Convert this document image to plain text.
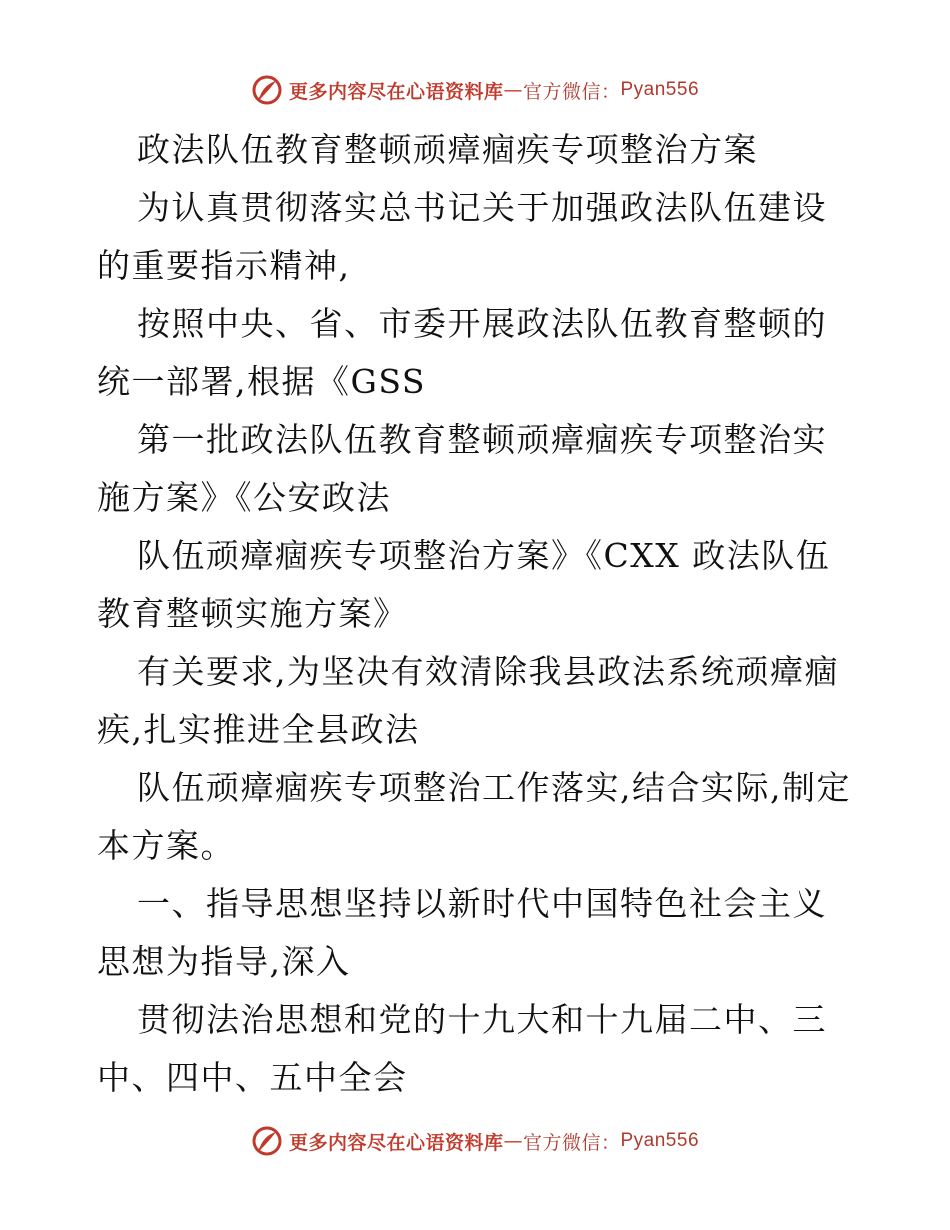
更多内容尽在心语资料库 — 官方微信： Pyan556

政法队伍教育整顿顽瘴痼疾专项整治方案

为认真贯彻落实总书记关于加强政法队伍建设的重要指示精神,

按照中央、省、市委开展政法队伍教育整顿的统一部署,根据《GSS

第一批政法队伍教育整顿顽瘴痼疾专项整治实施方案》《公安政法

队伍顽瘴痼疾专项整治方案》《CXX 政法队伍教育整顿实施方案》

有关要求,为坚决有效清除我县政法系统顽瘴痼疾,扎实推进全县政法

队伍顽瘴痼疾专项整治工作落实,结合实际,制定本方案。

一、指导思想坚持以新时代中国特色社会主义思想为指导,深入

贯彻法治思想和党的十九大和十九届二中、三中、四中、五中全会

更多内容尽在心语资料库 — 官方微信： Pyan556
